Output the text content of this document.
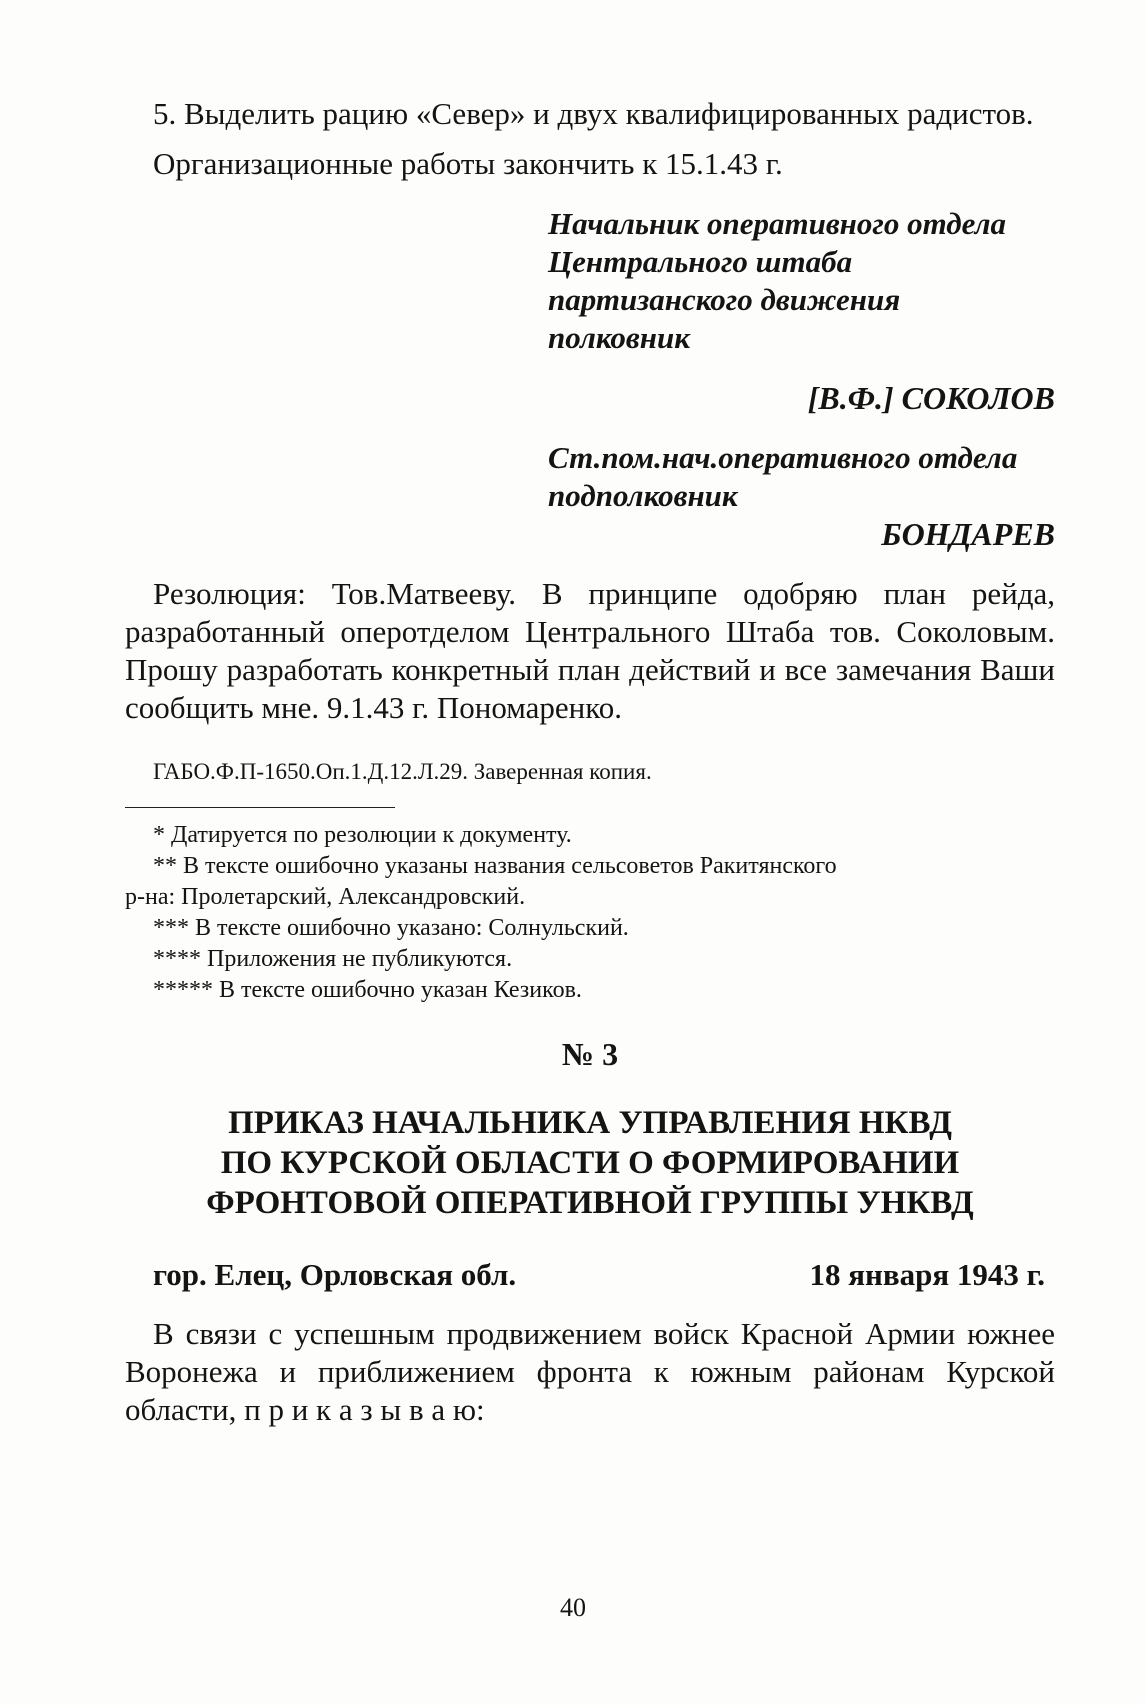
5. Выделить рацию «Север» и двух квалифицированных радистов.

Организационные работы закончить к 15.1.43 г.

Начальник оперативного отдела
Центрального штаба
партизанского движения
полковник
[В.Ф.] СОКОЛОВ
Ст.пом.нач.оперативного отдела
подполковник
БОНДАРЕВ

Резолюция: Тов.Матвееву. В принципе одобряю план рейда, разработанный оперотделом Центрального Штаба тов. Соколовым. Прошу разработать конкретный план действий и все замечания Ваши сообщить мне. 9.1.43 г. Пономаренко.

ГАБО.Ф.П-1650.Оп.1.Д.12.Л.29. Заверенная копия.

* Датируется по резолюции к документу.

** В тексте ошибочно указаны названия сельсоветов Ракитянского

р-на: Пролетарский, Александровский.

*** В тексте ошибочно указано: Солнульский.

**** Приложения не публикуются.

***** В тексте ошибочно указан Кезиков.

№ 3
ПРИКАЗ НАЧАЛЬНИКА УПРАВЛЕНИЯ НКВД
ПО КУРСКОЙ ОБЛАСТИ О ФОРМИРОВАНИИ
ФРОНТОВОЙ ОПЕРАТИВНОЙ ГРУППЫ УНКВД
гор. Елец, Орловская обл.	18 января 1943 г.

В связи с успешным продвижением войск Красной Армии южнее Воронежа и приближением фронта к южным районам Курской области, п р и к а з ы в а ю:

40
